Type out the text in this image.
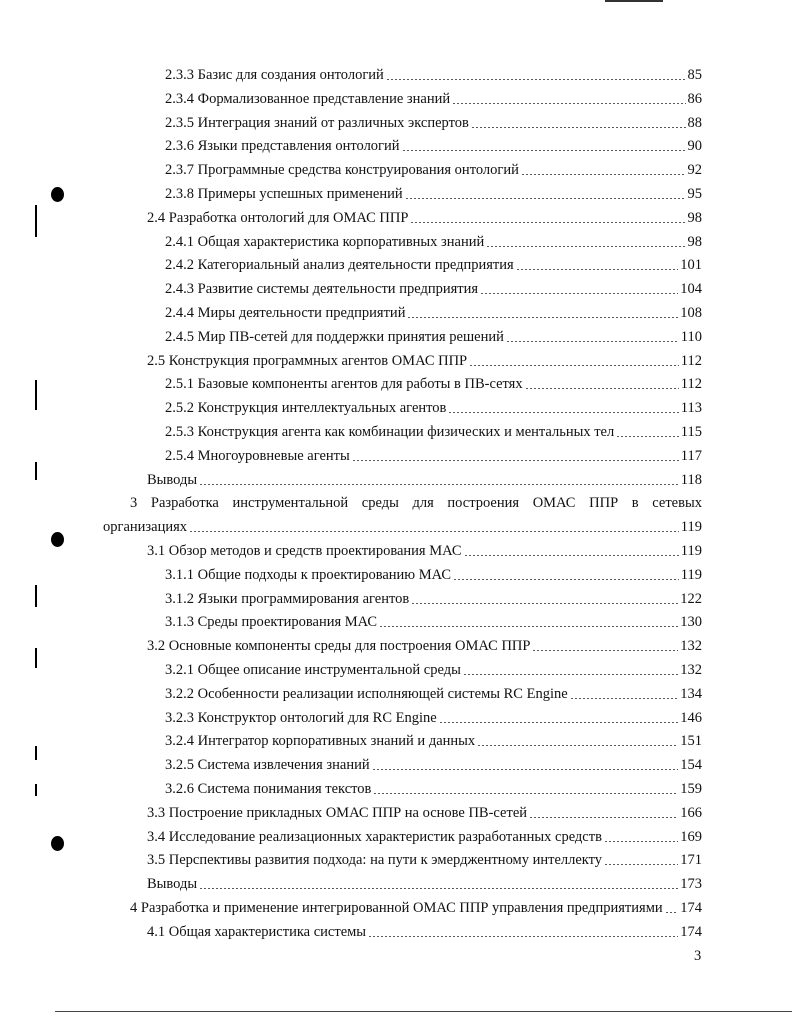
2.3.3 Базис для создания онтологий	85
2.3.4 Формализованное представление знаний	86
2.3.5 Интеграция знаний от различных экспертов	88
2.3.6 Языки представления онтологий	90
2.3.7 Программные средства конструирования онтологий	92
2.3.8 Примеры успешных применений	95
2.4 Разработка онтологий для ОМАС ППР	98
2.4.1 Общая характеристика корпоративных знаний	98
2.4.2 Категориальный анализ деятельности предприятия	101
2.4.3 Развитие системы деятельности предприятия	104
2.4.4 Миры деятельности предприятий	108
2.4.5 Мир ПВ-сетей для поддержки принятия решений	110
2.5 Конструкция программных агентов ОМАС ППР	112
2.5.1 Базовые компоненты агентов для работы в ПВ-сетях	112
2.5.2 Конструкция интеллектуальных агентов	113
2.5.3 Конструкция агента как комбинации физических и ментальных тел	115
2.5.4 Многоуровневые агенты	117
Выводы	118
3 Разработка инструментальной среды для построения ОМАС ППР в сетевых
организациях	119
3.1 Обзор методов и средств проектирования МАС	119
3.1.1 Общие подходы к проектированию МАС	119
3.1.2 Языки программирования агентов	122
3.1.3 Среды проектирования МАС	130
3.2 Основные компоненты среды для построения ОМАС ППР	132
3.2.1 Общее описание инструментальной среды	132
3.2.2 Особенности реализации исполняющей системы RC Engine	134
3.2.3 Конструктор онтологий для RC Engine	146
3.2.4 Интегратор корпоративных знаний и данных	151
3.2.5 Система извлечения знаний	154
3.2.6 Система понимания текстов	159
3.3 Построение прикладных ОМАС ППР на основе ПВ-сетей	166
3.4 Исследование реализационных характеристик разработанных средств	169
3.5 Перспективы развития подхода: на пути к эмерджентному интеллекту	171
Выводы	173
4 Разработка и применение интегрированной ОМАС ППР управления предприятиями 174
4.1 Общая характеристика системы	174
3
